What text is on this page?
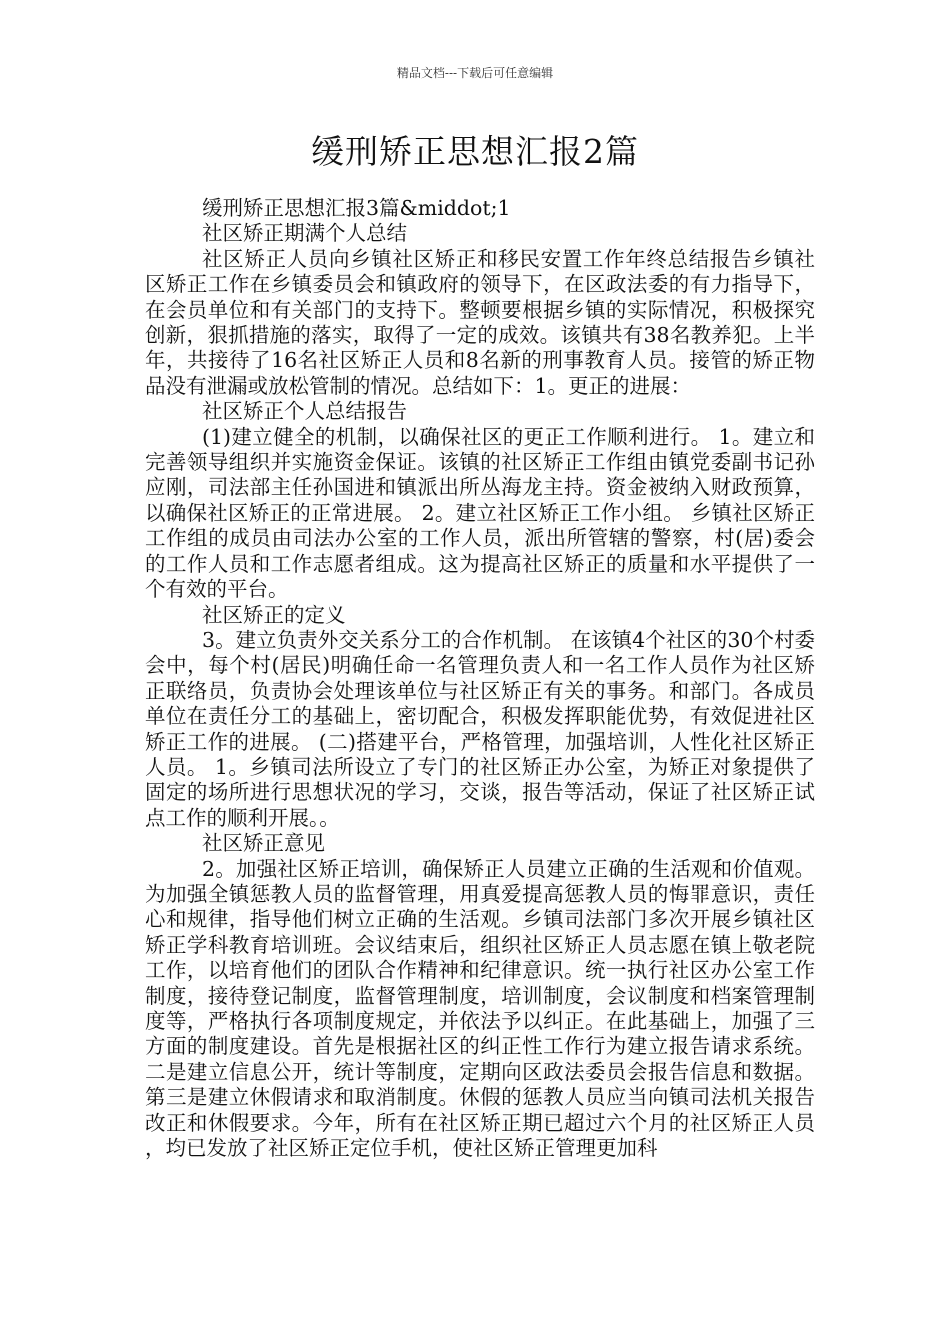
精品文档---下载后可任意编辑
缓刑矫正思想汇报2篇

缓刑矫正思想汇报3篇&middot;1

社区矫正期满个人总结

社区矫正人员向乡镇社区矫正和移民安置工作年终总结报告乡镇社区矫正工作在乡镇委员会和镇政府的领导下，在区政法委的有力指导下，在会员单位和有关部门的支持下。整顿要根据乡镇的实际情况，积极探究创新，狠抓措施的落实，取得了一定的成效。该镇共有38名教养犯。上半年，共接待了16名社区矫正人员和8名新的刑事教育人员。接管的矫正物品没有泄漏或放松管制的情况。总结如下：1。更正的进展：

社区矫正个人总结报告

(1)建立健全的机制，以确保社区的更正工作顺利进行。 1。建立和完善领导组织并实施资金保证。该镇的社区矫正工作组由镇党委副书记孙应刚，司法部主任孙国进和镇派出所丛海龙主持。资金被纳入财政预算，以确保社区矫正的正常进展。 2。建立社区矫正工作小组。 乡镇社区矫正工作组的成员由司法办公室的工作人员，派出所管辖的警察，村(居)委会的工作人员和工作志愿者组成。这为提高社区矫正的质量和水平提供了一个有效的平台。

社区矫正的定义

3。建立负责外交关系分工的合作机制。 在该镇4个社区的30个村委会中，每个村(居民)明确任命一名管理负责人和一名工作人员作为社区矫正联络员，负责协会处理该单位与社区矫正有关的事务。和部门。各成员单位在责任分工的基础上，密切配合，积极发挥职能优势，有效促进社区矫正工作的进展。 (二)搭建平台，严格管理，加强培训，人性化社区矫正人员。 1。乡镇司法所设立了专门的社区矫正办公室，为矫正对象提供了固定的场所进行思想状况的学习，交谈，报告等活动，保证了社区矫正试点工作的顺利开展。。

社区矫正意见

2。加强社区矫正培训，确保矫正人员建立正确的生活观和价值观。 为加强全镇惩教人员的监督管理，用真爱提高惩教人员的悔罪意识，责任心和规律，指导他们树立正确的生活观。乡镇司法部门多次开展乡镇社区矫正学科教育培训班。会议结束后，组织社区矫正人员志愿在镇上敬老院工作，以培育他们的团队合作精神和纪律意识。统一执行社区办公室工作制度，接待登记制度，监督管理制度，培训制度，会议制度和档案管理制度等，严格执行各项制度规定，并依法予以纠正。在此基础上，加强了三方面的制度建设。首先是根据社区的纠正性工作行为建立报告请求系统。二是建立信息公开，统计等制度，定期向区政法委员会报告信息和数据。第三是建立休假请求和取消制度。休假的惩教人员应当向镇司法机关报告改正和休假要求。今年，所有在社区矫正期已超过六个月的社区矫正人员，均已发放了社区矫正定位手机，使社区矫正管理更加科
